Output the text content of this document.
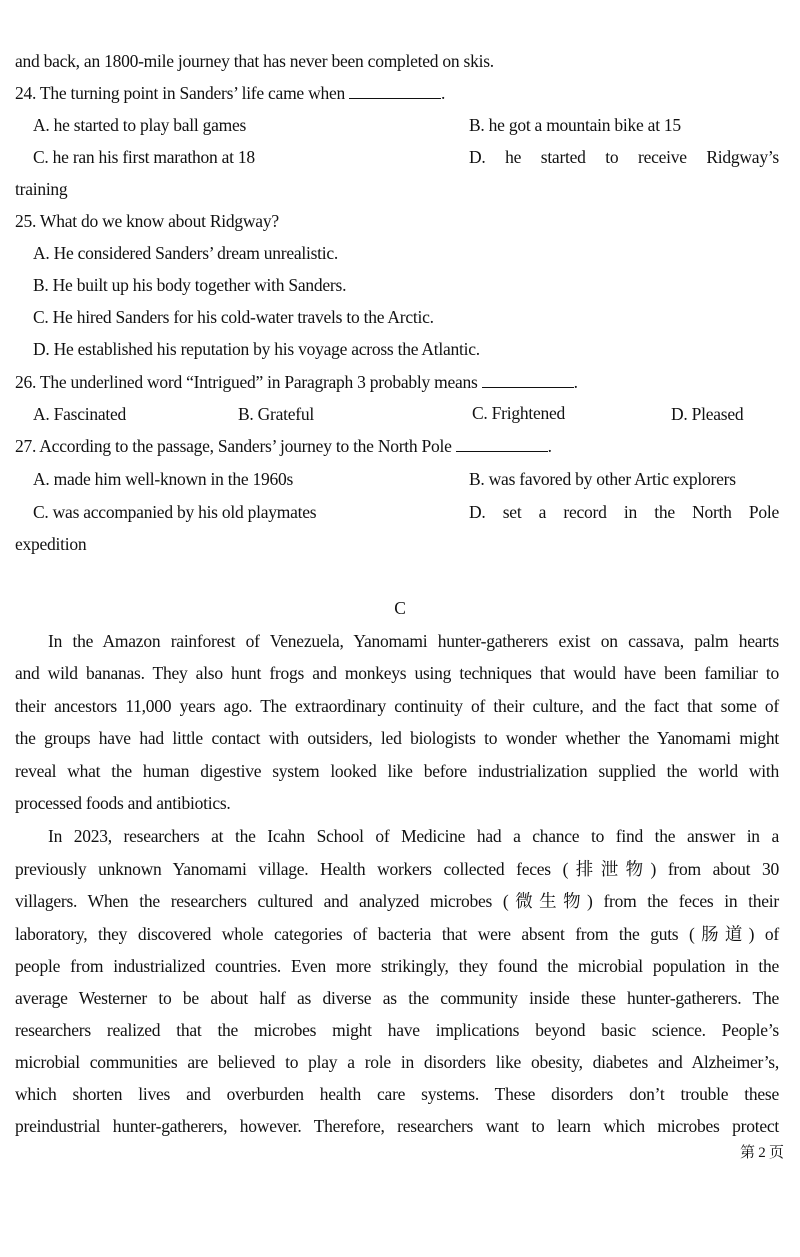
and back, an 1800-mile journey that has never been completed on skis.
24. The turning point in Sanders’ life came when	.
A. he started to play ball games	B. he got a mountain bike at 15
C. he ran his first marathon at 18	D. he started to receive Ridgway’s
training
25. What do we know about Ridgway?
A. He considered Sanders’ dream unrealistic.
B. He built up his body together with Sanders.
C. He hired Sanders for his cold-water travels to the Arctic.
D. He established his reputation by his voyage across the Atlantic.
26. The underlined word “Intrigued” in Paragraph 3 probably means	.
A. Fascinated	B. Grateful	C. Frightened	D. Pleased
27. According to the passage, Sanders’ journey to the North Pole	.
A. made him well-known in the 1960s	B. was favored by other Artic explorers
C. was accompanied by his old playmates	D. set a record in the North Pole
expedition
C
In the Amazon rainforest of Venezuela, Yanomami hunter-gatherers exist on cassava, palm hearts
and wild bananas. They also hunt frogs and monkeys using techniques that would have been familiar to
their ancestors 11,000 years ago. The extraordinary continuity of their culture, and the fact that some of
the groups have had little contact with outsiders, led biologists to wonder whether the Yanomami might
reveal what the human digestive system looked like before industrialization supplied the world with
processed foods and antibiotics.
In 2023, researchers at the Icahn School of Medicine had a chance to find the answer in a
previously unknown Yanomami village. Health workers collected feces (排泄物) from about 30
villagers. When the researchers cultured and analyzed microbes (微生物) from the feces in their
laboratory, they discovered whole categories of bacteria that were absent from the guts (肠道) of
people from industrialized countries. Even more strikingly, they found the microbial population in the
average Westerner to be about half as diverse as the community inside these hunter-gatherers. The
researchers realized that the microbes might have implications beyond basic science. People’s
microbial communities are believed to play a role in disorders like obesity, diabetes and Alzheimer’s,
which shorten lives and overburden health care systems. These disorders don’t trouble these
preindustrial hunter-gatherers, however. Therefore, researchers want to learn which microbes protect
第 2 页
